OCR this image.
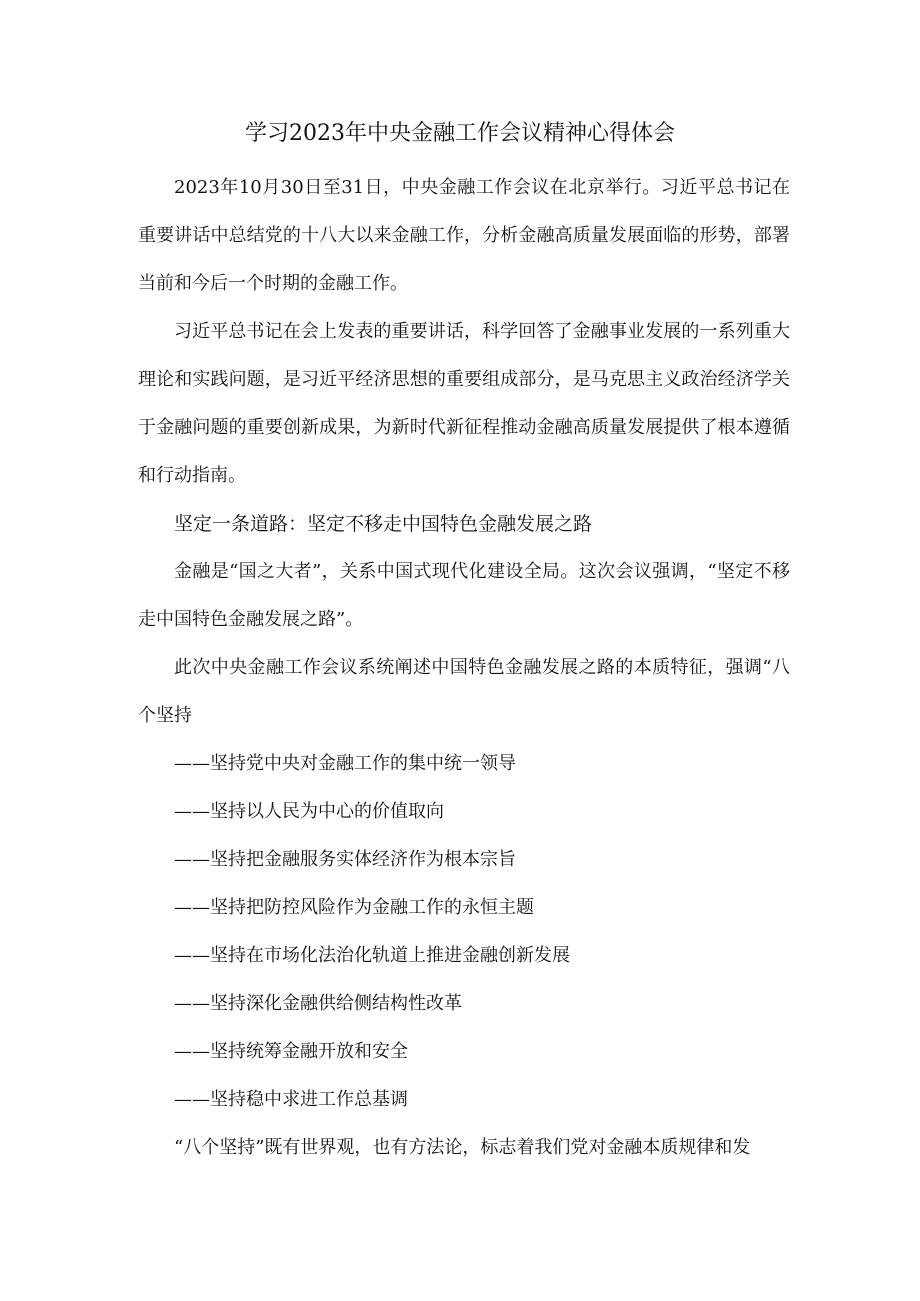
学习2023年中央金融工作会议精神心得体会

2023年10月30日至31日，中央金融工作会议在北京举行。习近平总书记在重要讲话中总结党的十八大以来金融工作，分析金融高质量发展面临的形势，部署当前和今后一个时期的金融工作。

习近平总书记在会上发表的重要讲话，科学回答了金融事业发展的一系列重大理论和实践问题，是习近平经济思想的重要组成部分，是马克思主义政治经济学关于金融问题的重要创新成果，为新时代新征程推动金融高质量发展提供了根本遵循和行动指南。

坚定一条道路：坚定不移走中国特色金融发展之路

金融是“国之大者”，关系中国式现代化建设全局。这次会议强调，“坚定不移走中国特色金融发展之路”。

此次中央金融工作会议系统阐述中国特色金融发展之路的本质特征，强调“八个坚持

——坚持党中央对金融工作的集中统一领导

——坚持以人民为中心的价值取向

——坚持把金融服务实体经济作为根本宗旨

——坚持把防控风险作为金融工作的永恒主题

——坚持在市场化法治化轨道上推进金融创新发展

——坚持深化金融供给侧结构性改革

——坚持统筹金融开放和安全

——坚持稳中求进工作总基调

“八个坚持”既有世界观，也有方法论，标志着我们党对金融本质规律和发
